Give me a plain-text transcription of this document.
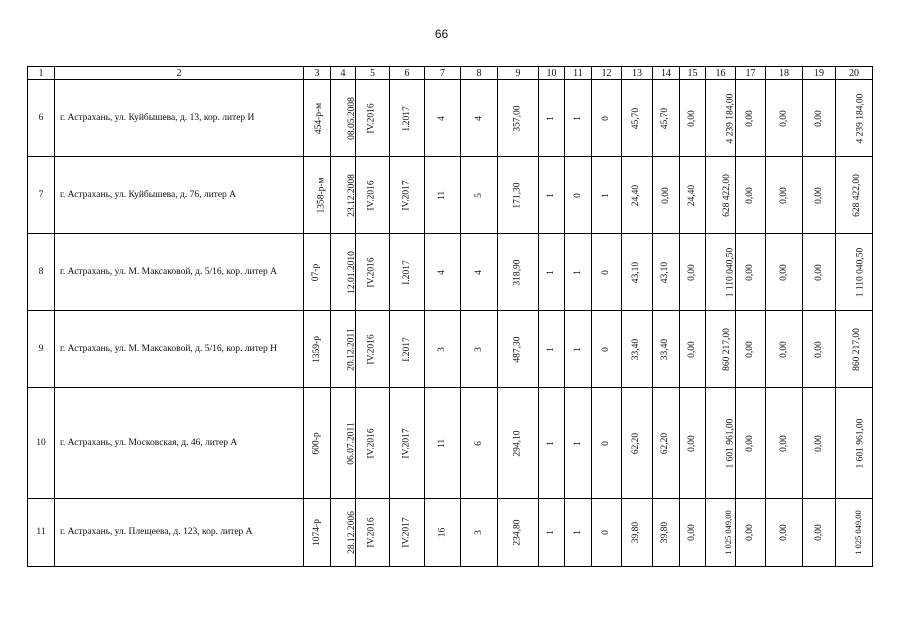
66
1	2	3	4	5	6	7	8	9	10	11	12	13	14	15	16	17	18	19	20
6	г. Астрахань, ул. Куйбышева, д. 13, кор. литер И	454-р-м	08.05.2008	IV.2016	I.2017	4	4	357,00	1	1	0	45,70	45,70	0,00	4 239 184,00	0,00	0,00	0,00	4 239 184,00
7	г. Астрахань, ул. Куйбышева, д. 76, литер А	1358-р-м	23.12.2008	IV.2016	IV.2017	11	5	171,30	1	0	1	24,40	0,00	24,40	628 422,00	0,00	0,00	0,00	628 422,00
8	г. Астрахань, ул. М. Максаковой, д. 5/16, кор. литер А	07-р	12.01.2010	IV.2016	I.2017	4	4	318,90	1	1	0	43,10	43,10	0,00	1 110 040,50	0,00	0,00	0,00	1 110 040,50
9	г. Астрахань, ул. М. Максаковой, д. 5/16, кор. литер Н	1359-р	20.12.2011	IV.2016	I.2017	3	3	487,30	1	1	0	33,40	33,40	0,00	860 217,00	0,00	0,00	0,00	860 217,00
10	г. Астрахань, ул. Московская, д. 46, литер А	600-р	06.07.2011	IV.2016	IV.2017	11	6	294,10	1	1	0	62,20	62,20	0,00	1 601 961,00	0,00	0,00	0,00	1 601 961,00
11	г. Астрахань, ул. Плещеева, д. 123, кор. литер А	1074-р	28.12.2006	IV.2016	IV.2017	16	3	234,80	1	1	0	39,80	39,80	0,00	1 025 049,00	0,00	0,00	0,00	1 025 049,00
